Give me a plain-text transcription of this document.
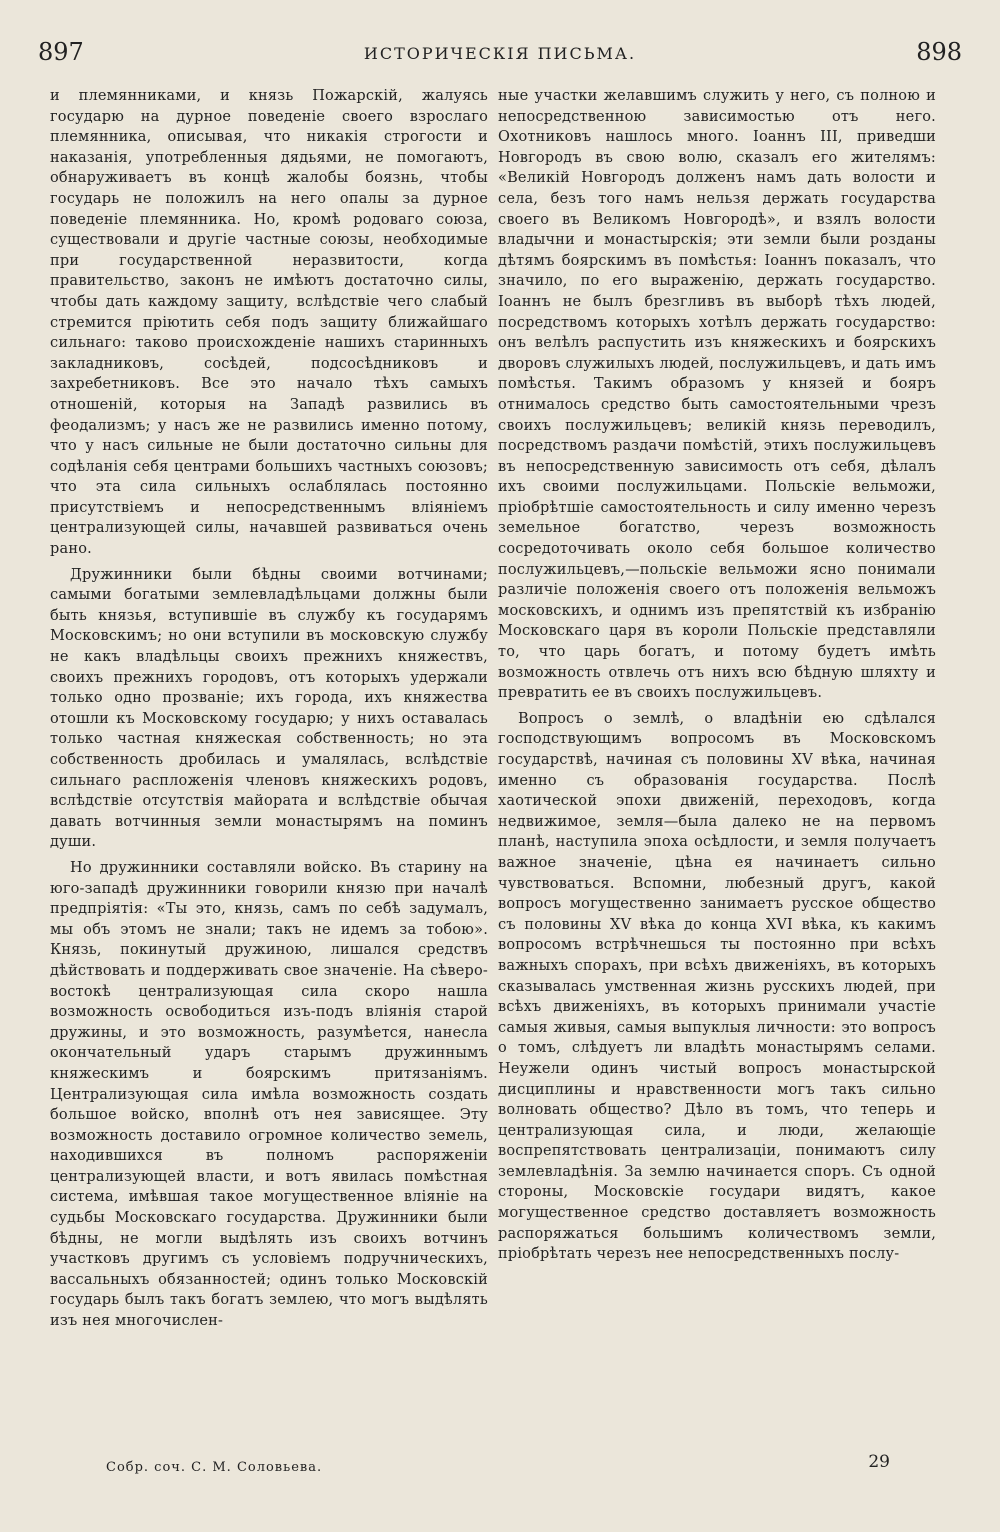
897	ИСТОРИЧЕСКІЯ ПИСЬМА.	898

и племянниками, и князь Пожарскій, жалуясь государю на дурное поведеніе своего взрослаго племянника, описывая, что никакія строгости и наказанія, употребленныя дядьями, не помогаютъ, обнаруживаетъ въ концѣ жалобы боязнь, чтобы государь не положилъ на него опалы за дурное поведеніе племянника. Но, кромѣ родоваго союза, существовали и другіе частные союзы, необходимые при государственной неразвитости, когда правительство, законъ не имѣютъ достаточно силы, чтобы дать каждому защиту, вслѣдствіе чего слабый стремится пріютить себя подъ защиту ближайшаго сильнаго: таково происхожденіе нашихъ старинныхъ закладниковъ, сосѣдей, подсосѣдниковъ и захребетниковъ. Все это начало тѣхъ самыхъ отношеній, которыя на Западѣ развились въ феодализмъ; у насъ же не развились именно потому, что у насъ сильные не были достаточно сильны для содѣланія себя центрами большихъ частныхъ союзовъ; что эта сила сильныхъ ослаблялась постоянно присутствіемъ и непосредственнымъ вліяніемъ централизующей силы, начавшей развиваться очень рано.

Дружинники были бѣдны своими вотчинами; самыми богатыми землевладѣльцами должны были быть князья, вступившіе въ службу къ государямъ Московскимъ; но они вступили въ московскую службу не какъ владѣльцы своихъ прежнихъ княжествъ, своихъ прежнихъ городовъ, отъ которыхъ удержали только одно прозваніе; ихъ города, ихъ княжества отошли къ Московскому государю; у нихъ оставалась только частная княжеская собственность; но эта собственность дробилась и умалялась, вслѣдствіе сильнаго распложенія членовъ княжескихъ родовъ, вслѣдствіе отсутствія майората и вслѣдствіе обычая давать вотчинныя земли монастырямъ на поминъ души.

Но дружинники составляли войско. Въ старину на юго-западѣ дружинники говорили князю при началѣ предпріятія: «Ты это, князь, самъ по себѣ задумалъ, мы объ этомъ не знали; такъ не идемъ за тобою». Князь, покинутый дружиною, лишался средствъ дѣйствовать и поддерживать свое значеніе. На сѣверо-востокѣ централизующая сила скоро нашла возможность освободиться изъ-подъ вліянія старой дружины, и это возможность, разумѣется, нанесла окончательный ударъ старымъ дружиннымъ княжескимъ и боярскимъ притязаніямъ. Централизующая сила имѣла возможность создать большое войско, вполнѣ отъ нея зависящее. Эту возможность доставило огромное количество земель, находившихся въ полномъ распоряженіи централизующей власти, и вотъ явилась помѣстная система, имѣвшая такое могущественное вліяніе на судьбы Московскаго государства. Дружинники были бѣдны, не могли выдѣлять изъ своихъ вотчинъ участковъ другимъ съ условіемъ подручническихъ, вассальныхъ обязанностей; одинъ только Московскій государь былъ такъ богатъ землею, что могъ выдѣлять изъ нея многочислен-

ные участки желавшимъ служить у него, съ полною и непосредственною зависимостью отъ него. Охотниковъ нашлось много. Іоаннъ III, приведши Новгородъ въ свою волю, сказалъ его жителямъ: «Великій Новгородъ долженъ намъ дать волости и села, безъ того намъ нельзя держать государства своего въ Великомъ Новгородѣ», и взялъ волости владычни и монастырскія; эти земли были розданы дѣтямъ боярскимъ въ помѣстья: Іоаннъ показалъ, что значило, по его выраженію, держать государство. Іоаннъ не былъ брезгливъ въ выборѣ тѣхъ людей, посредствомъ которыхъ хотѣлъ держать государство: онъ велѣлъ распустить изъ княжескихъ и боярскихъ дворовъ служилыхъ людей, послужильцевъ, и дать имъ помѣстья. Такимъ образомъ у князей и бояръ отнималось средство быть самостоятельными чрезъ своихъ послужильцевъ; великій князь переводилъ, посредствомъ раздачи помѣстій, этихъ послужильцевъ въ непосредственную зависимость отъ себя, дѣлалъ ихъ своими послужильцами. Польскіе вельможи, пріобрѣтшіе самостоятельность и силу именно черезъ земельное богатство, черезъ возможность сосредоточивать около себя большое количество послужильцевъ,—польскіе вельможи ясно понимали различіе положенія своего отъ положенія вельможъ московскихъ, и однимъ изъ препятствій къ избранію Московскаго царя въ короли Польскіе представляли то, что царь богатъ, и потому будетъ имѣть возможность отвлечь отъ нихъ всю бѣдную шляхту и превратить ее въ своихъ послужильцевъ.

Вопросъ о землѣ, о владѣніи ею сдѣлался господствующимъ вопросомъ въ Московскомъ государствѣ, начиная съ половины XV вѣка, начиная именно съ образованія государства. Послѣ хаотической эпохи движеній, переходовъ, когда недвижимое, земля—была далеко не на первомъ планѣ, наступила эпоха осѣдлости, и земля получаетъ важное значеніе, цѣна ея начинаетъ сильно чувствоваться. Вспомни, любезный другъ, какой вопросъ могущественно занимаетъ русское общество съ половины XV вѣка до конца XVI вѣка, къ какимъ вопросомъ встрѣчнешься ты постоянно при всѣхъ важныхъ спорахъ, при всѣхъ движеніяхъ, въ которыхъ сказывалась умственная жизнь русскихъ людей, при всѣхъ движеніяхъ, въ которыхъ принимали участіе самыя живыя, самыя выпуклыя личности: это вопросъ о томъ, слѣдуетъ ли владѣть монастырямъ селами. Неужели одинъ чистый вопросъ монастырской дисциплины и нравственности могъ такъ сильно волновать общество? Дѣло въ томъ, что теперь и централизующая сила, и люди, желающіе воспрепятствовать централизаціи, понимаютъ силу землевладѣнія. За землю начинается споръ. Съ одной стороны, Московскіе государи видятъ, какое могущественное средство доставляетъ возможность распоряжаться большимъ количествомъ земли, пріобрѣтать черезъ нее непосредственныхъ послу-

Собр. соч. С. М. Соловьева.	29
